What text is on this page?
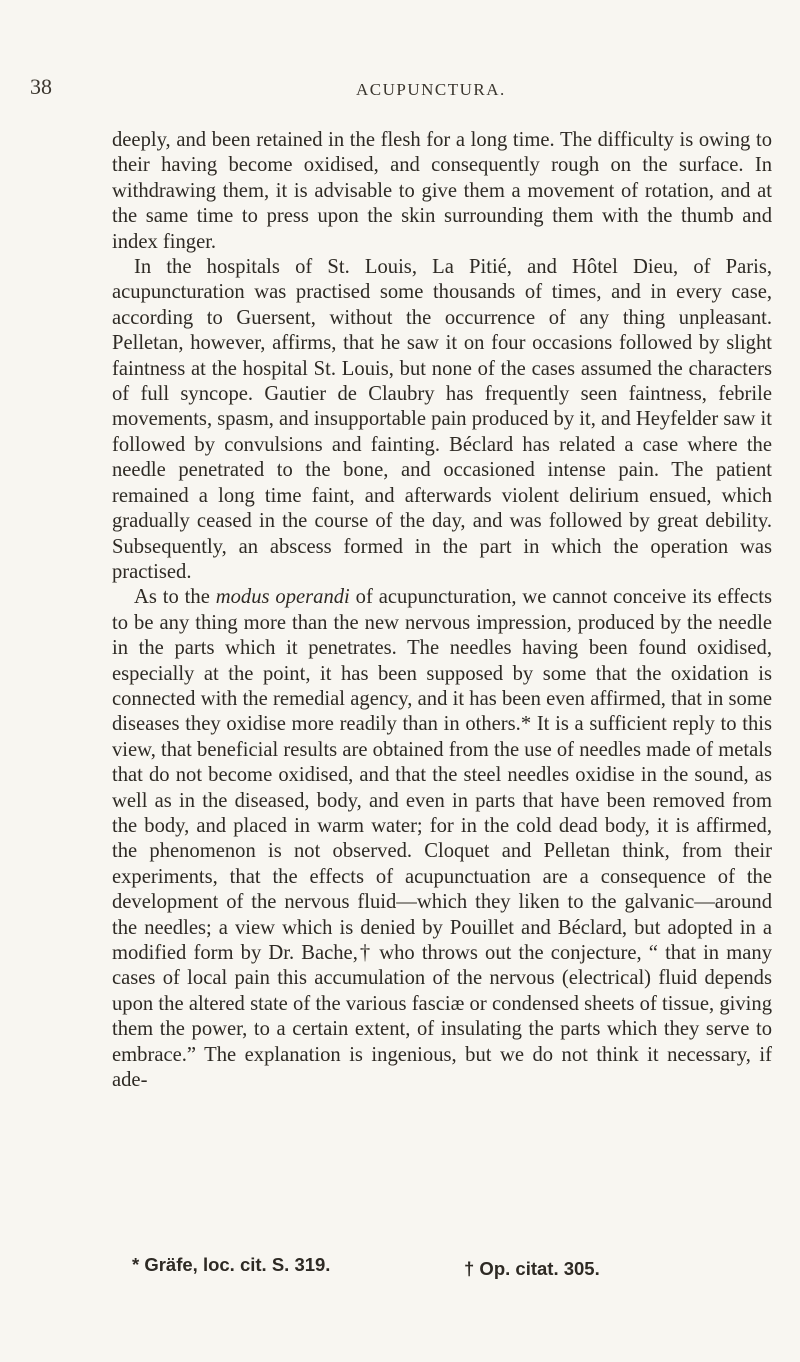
38	ACUPUNCTURA.

deeply, and been retained in the flesh for a long time. The difficulty is owing to their having become oxidised, and consequently rough on the surface. In withdrawing them, it is advisable to give them a movement of rotation, and at the same time to press upon the skin surrounding them with the thumb and index finger.

In the hospitals of St. Louis, La Pitié, and Hôtel Dieu, of Paris, acupuncturation was practised some thousands of times, and in every case, according to Guersent, without the occurrence of any thing unpleasant. Pelletan, however, affirms, that he saw it on four occasions followed by slight faintness at the hospital St. Louis, but none of the cases assumed the characters of full syncope. Gautier de Claubry has frequently seen faintness, febrile movements, spasm, and insupportable pain produced by it, and Heyfelder saw it followed by convulsions and fainting. Béclard has related a case where the needle penetrated to the bone, and occasioned intense pain. The patient remained a long time faint, and afterwards violent delirium ensued, which gradually ceased in the course of the day, and was followed by great debility. Subsequently, an abscess formed in the part in which the operation was practised.

As to the modus operandi of acupuncturation, we cannot conceive its effects to be any thing more than the new nervous impression, produced by the needle in the parts which it penetrates. The needles having been found oxidised, especially at the point, it has been supposed by some that the oxidation is connected with the remedial agency, and it has been even affirmed, that in some diseases they oxidise more readily than in others.* It is a sufficient reply to this view, that beneficial results are obtained from the use of needles made of metals that do not become oxidised, and that the steel needles oxidise in the sound, as well as in the diseased, body, and even in parts that have been removed from the body, and placed in warm water; for in the cold dead body, it is affirmed, the phenomenon is not observed. Cloquet and Pelletan think, from their experiments, that the effects of acupunctuation are a consequence of the development of the nervous fluid—which they liken to the galvanic—around the needles; a view which is denied by Pouillet and Béclard, but adopted in a modified form by Dr. Bache,† who throws out the conjecture, “ that in many cases of local pain this accumulation of the nervous (electrical) fluid depends upon the altered state of the various fasciæ or condensed sheets of tissue, giving them the power, to a certain extent, of insulating the parts which they serve to embrace.” The explanation is ingenious, but we do not think it necessary, if ade-

* Gräfe, loc. cit. S. 319.	† Op. citat. 305.
